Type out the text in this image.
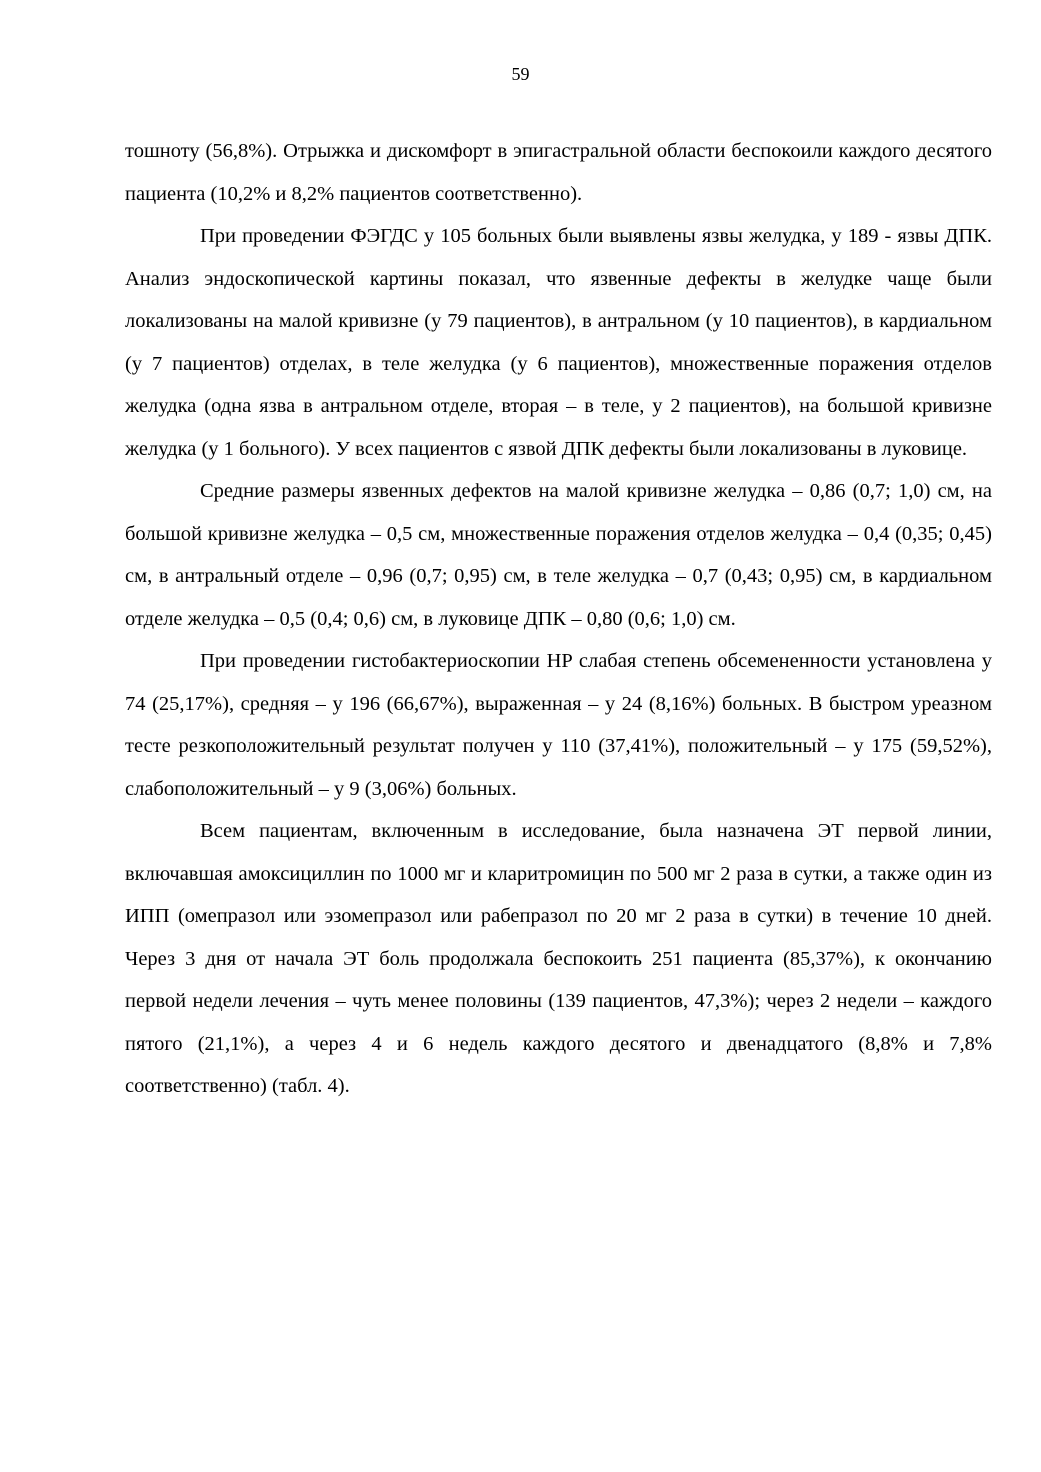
59

тошноту (56,8%). Отрыжка и дискомфорт в эпигастральной области беспокоили каждого десятого пациента (10,2% и 8,2% пациентов соответственно).

При проведении ФЭГДС у 105 больных были выявлены язвы желудка, у 189 - язвы ДПК. Анализ эндоскопической картины показал, что язвенные дефекты в желудке чаще были локализованы на малой кривизне (у 79 пациентов), в антральном (у 10 пациентов), в кардиальном (у 7 пациентов) отделах, в теле желудка (у 6 пациентов), множественные поражения отделов желудка (одна язва в антральном отделе, вторая – в теле, у 2 пациентов), на большой кривизне желудка (у 1 больного). У всех пациентов с язвой ДПК дефекты были локализованы в луковице.

Средние размеры язвенных дефектов на малой кривизне желудка – 0,86 (0,7; 1,0) см, на большой кривизне желудка – 0,5 см, множественные поражения отделов желудка – 0,4 (0,35; 0,45) см, в антральный отделе – 0,96 (0,7; 0,95) см, в теле желудка – 0,7 (0,43; 0,95) см, в кардиальном отделе желудка – 0,5 (0,4; 0,6) см, в луковице ДПК – 0,80 (0,6; 1,0) см.

При проведении гистобактериоскопии HP слабая степень обсемененности установлена у 74 (25,17%), средняя – у 196 (66,67%), выраженная – у 24 (8,16%) больных. В быстром уреазном тесте резкоположительный результат получен у 110 (37,41%), положительный – у 175 (59,52%), слабоположительный – у 9 (3,06%) больных.

Всем пациентам, включенным в исследование, была назначена ЭТ первой линии, включавшая амоксициллин по 1000 мг и кларитромицин по 500 мг 2 раза в сутки, а также один из ИПП (омепразол или эзомепразол или рабепразол по 20 мг 2 раза в сутки) в течение 10 дней. Через 3 дня от начала ЭТ боль продолжала беспокоить 251 пациента (85,37%), к окончанию первой недели лечения – чуть менее половины (139 пациентов, 47,3%); через 2 недели – каждого пятого (21,1%), а через 4 и 6 недель каждого десятого и двенадцатого (8,8% и 7,8% соответственно) (табл. 4).
